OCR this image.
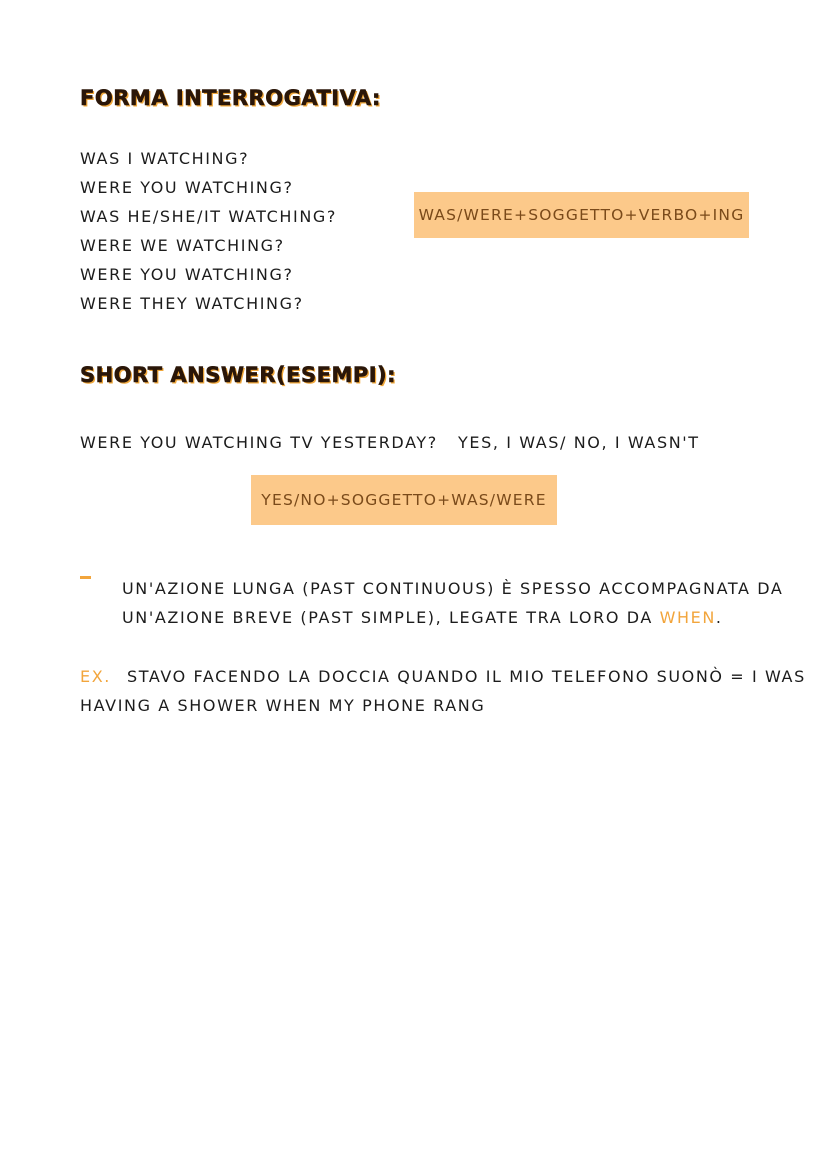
FORMA INTERROGATIVA:
WAS I WATCHING?
WERE YOU WATCHING?
WAS HE/SHE/IT WATCHING?
WERE WE WATCHING?
WERE YOU WATCHING?
WERE THEY WATCHING?
WAS/WERE+SOGGETTO+VERBO+ING
SHORT ANSWER(ESEMPI):
WERE YOU WATCHING TV YESTERDAY? YES, I WAS/ NO, I WASN'T
YES/NO+SOGGETTO+WAS/WERE
UN'AZIONE LUNGA (PAST CONTINUOUS) È SPESSO ACCOMPAGNATA DA
UN'AZIONE BREVE (PAST SIMPLE), LEGATE TRA LORO DA WHEN.
EX. STAVO FACENDO LA DOCCIA QUANDO IL MIO TELEFONO SUONÒ = I WAS
HAVING A SHOWER WHEN MY PHONE RANG
